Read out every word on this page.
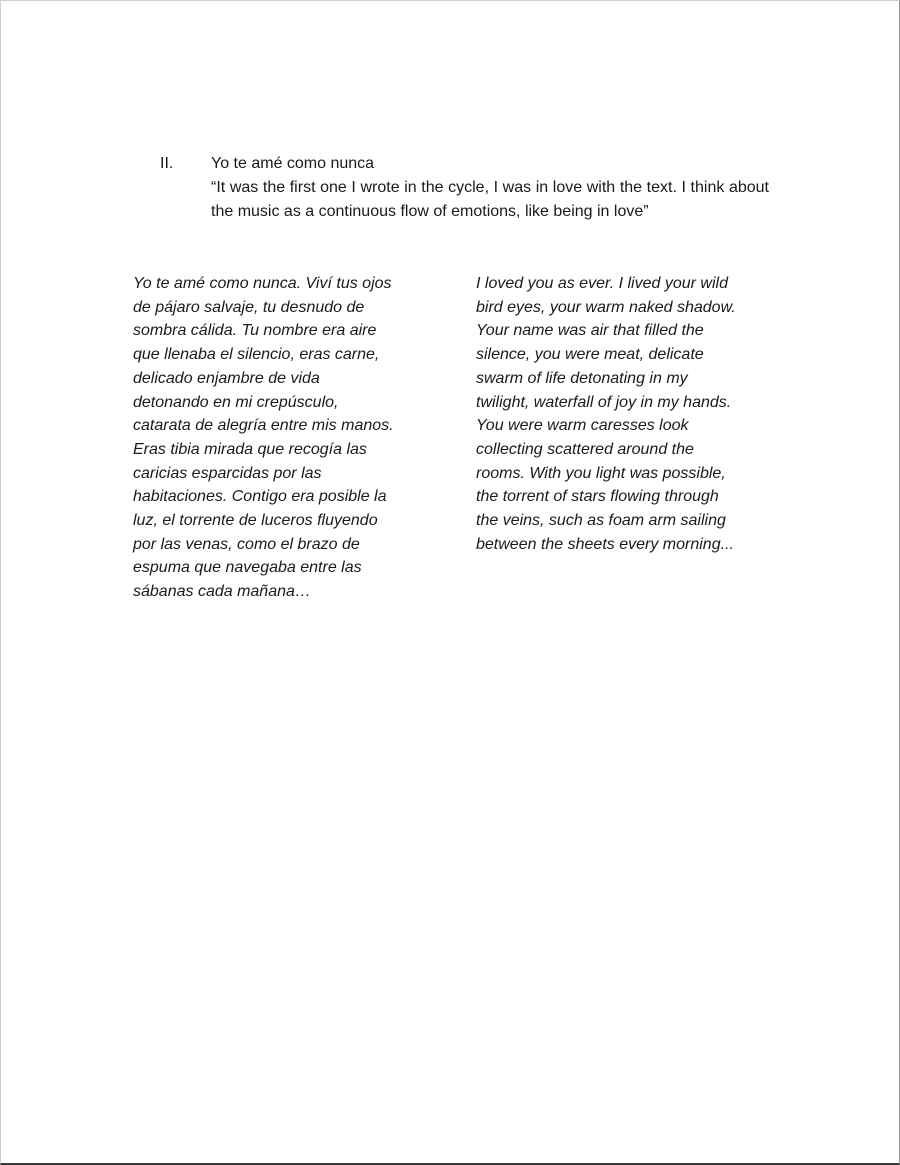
II.	Yo te amé como nunca
“It was the first one I wrote in the cycle, I was in love with the text. I think about the music as a continuous flow of emotions, like being in love”
Yo te amé como nunca. Viví tus ojos
de pájaro salvaje, tu desnudo de
sombra cálida. Tu nombre era aire
que llenaba el silencio, eras carne,
delicado enjambre de vida
detonando en mi crepúsculo,
catarata de alegría entre mis manos.
Eras tibia mirada que recogía las
caricias esparcidas por las
habitaciones. Contigo era posible la
luz, el torrente de luceros fluyendo
por las venas, como el brazo de
espuma que navegaba entre las
sábanas cada mañana…
I loved you as ever. I lived your wild
bird eyes, your warm naked shadow.
Your name was air that filled the
silence, you were meat, delicate
swarm of life detonating in my
twilight, waterfall of joy in my hands.
You were warm caresses look
collecting scattered around the
rooms. With you light was possible,
the torrent of stars flowing through
the veins, such as foam arm sailing
between the sheets every morning...
